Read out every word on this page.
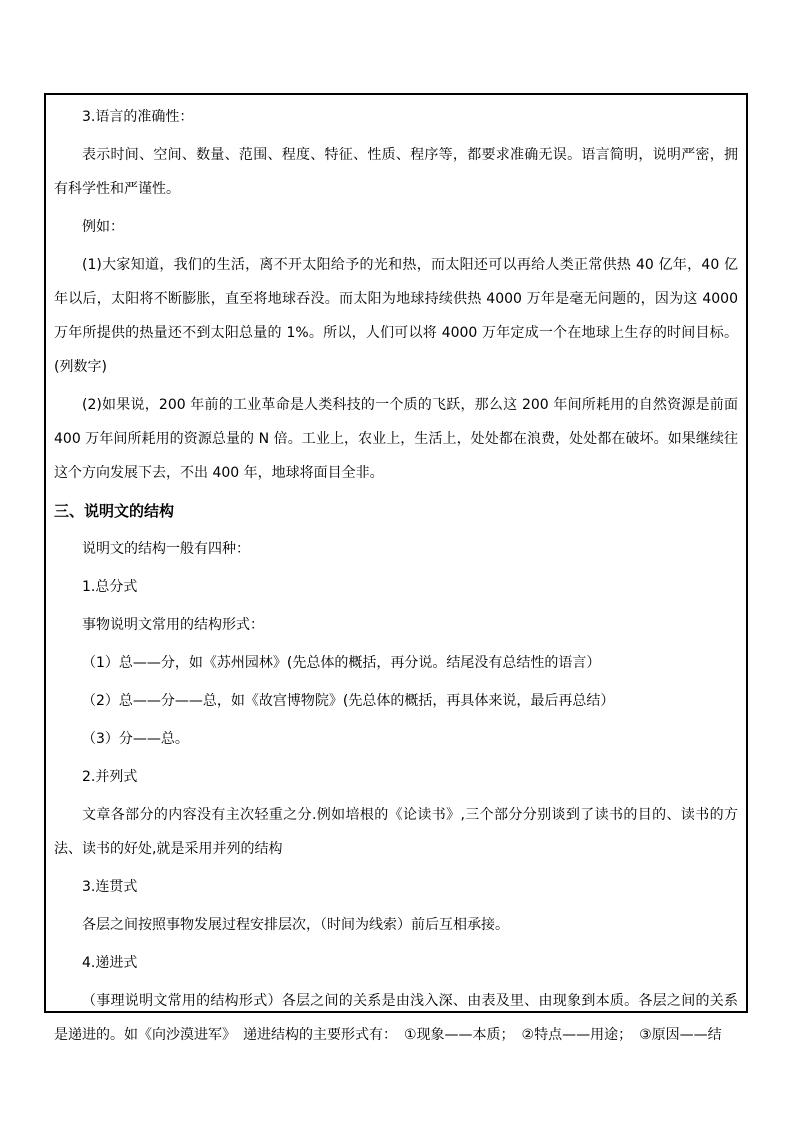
3.语言的准确性：

表示时间、空间、数量、范围、程度、特征、性质、程序等，都要求准确无误。语言简明，说明严密，拥有科学性和严谨性。

例如：

(1)大家知道，我们的生活，离不开太阳给予的光和热，而太阳还可以再给人类正常供热 40 亿年，40 亿年以后，太阳将不断膨胀，直至将地球吞没。而太阳为地球持续供热 4000 万年是毫无问题的，因为这 4000 万年所提供的热量还不到太阳总量的 1%。所以，人们可以将 4000 万年定成一个在地球上生存的时间目标。(列数字)

(2)如果说，200 年前的工业革命是人类科技的一个质的飞跃，那么这 200 年间所耗用的自然资源是前面 400 万年间所耗用的资源总量的 N 倍。工业上，农业上，生活上，处处都在浪费，处处都在破坏。如果继续往这个方向发展下去，不出 400 年，地球将面目全非。

三、说明文的结构

说明文的结构一般有四种：

1.总分式

事物说明文常用的结构形式：

（1）总——分，如《苏州园林》(先总体的概括，再分说。结尾没有总结性的语言）

（2）总——分——总，如《故宫博物院》(先总体的概括，再具体来说，最后再总结）

（3）分——总。

2.并列式

文章各部分的内容没有主次轻重之分.例如培根的《论读书》,三个部分分别谈到了读书的目的、读书的方法、读书的好处,就是采用并列的结构

3.连贯式

各层之间按照事物发展过程安排层次，（时间为线索）前后互相承接。

4.递进式

（事理说明文常用的结构形式）各层之间的关系是由浅入深、由表及里、由现象到本质。各层之间的关系是递进的。如《向沙漠进军》　递进结构的主要形式有：　①现象——本质；　②特点——用途；　③原因——结
